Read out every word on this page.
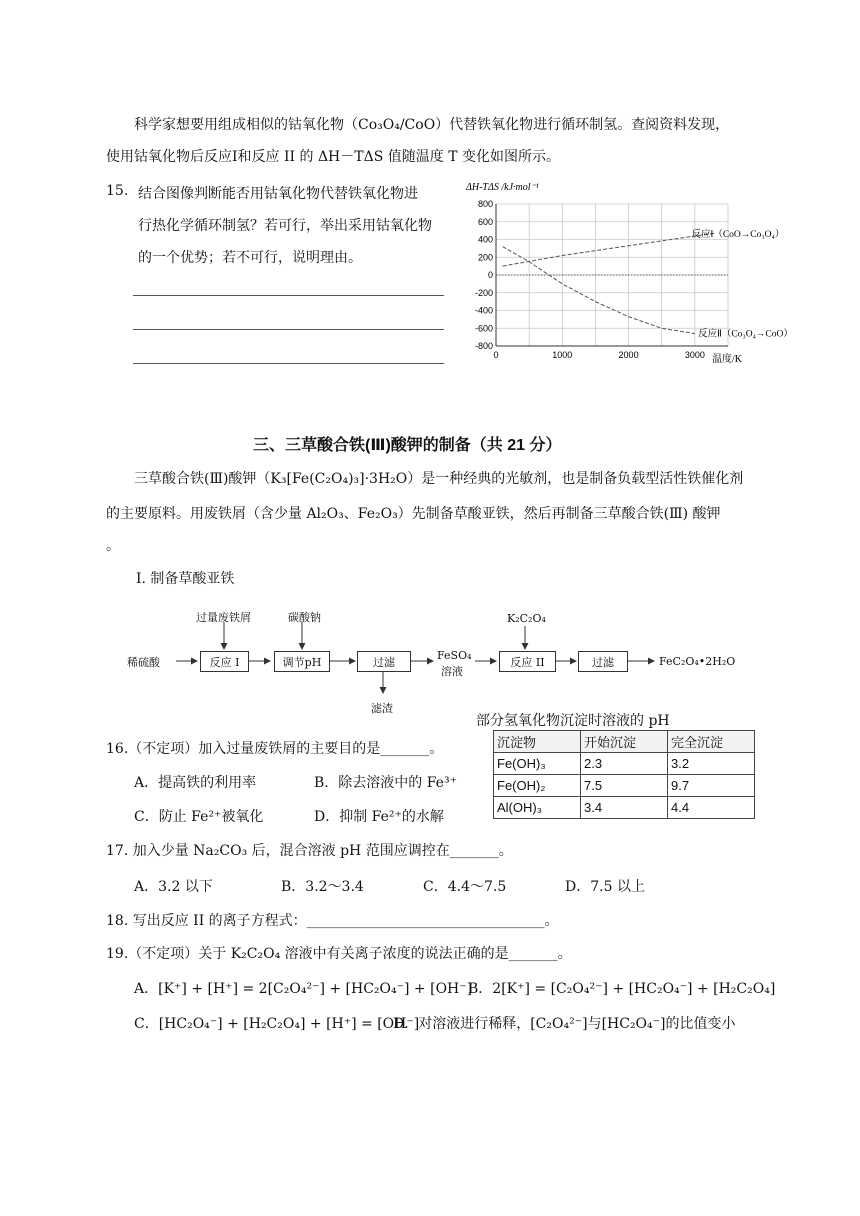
科学家想要用组成相似的钴氧化物（Co₃O₄/CoO）代替铁氧化物进行循环制氢。查阅资料发现，
使用钴氧化物后反应Ⅰ和反应 II 的 ΔH－TΔS 值随温度 T 变化如图所示。
15. 结合图像判断能否用钴氧化物代替铁氧化物进
行热化学循环制氢？若可行，举出采用钴氧化物
的一个优势；若不可行，说明理由。
800
600
400
200
0
-200
-400
-600
-800
0	1000	2000	3000
反应Ⅰ（CoO→Co₃O₄）
反应Ⅱ（Co₃O₄→CoO）
ΔH-TΔS /kJ·mol⁻¹
温度/K
三、三草酸合铁(Ⅲ)酸钾的制备（共 21 分）
三草酸合铁(Ⅲ)酸钾（K₃[Fe(C₂O₄)₃]·3H₂O）是一种经典的光敏剂，也是制备负载型活性铁催化剂
的主要原料。用废铁屑（含少量 Al₂O₃、Fe₂O₃）先制备草酸亚铁，然后再制备三草酸合铁(Ⅲ) 酸钾
。
Ⅰ. 制备草酸亚铁
稀硫酸
过量废铁屑	碳酸钠
反应 Ⅰ	调节pH	过滤	FeSO₄
溶液
K₂C₂O₄
反应 II	过滤	FeC₂O₄•2H₂O
滤渣
部分氢氧化物沉淀时溶液的 pH
沉淀物	开始沉淀	完全沉淀
Fe(OH)₃	2.3	3.2
Fe(OH)₂	7.5	9.7
Al(OH)₃	3.4	4.4
16.（不定项）加入过量废铁屑的主要目的是_______。
A．提高铁的利用率	B．除去溶液中的 Fe³⁺
C．防止 Fe²⁺被氧化	D．抑制 Fe²⁺的水解
17. 加入少量 Na₂CO₃ 后，混合溶液 pH 范围应调控在_______。
A．3.2 以下	B．3.2～3.4	C．4.4～7.5	D．7.5 以上
18. 写出反应 II 的离子方程式：__________________________________。
19.（不定项）关于 K₂C₂O₄ 溶液中有关离子浓度的说法正确的是_______。
A．[K⁺] + [H⁺] = 2[C₂O₄²⁻] + [HC₂O₄⁻] + [OH⁻]
B．2[K⁺] = [C₂O₄²⁻] + [HC₂O₄⁻] + [H₂C₂O₄]
C．[HC₂O₄⁻] + [H₂C₂O₄] + [H⁺] = [OH⁻]
D．对溶液进行稀释，[C₂O₄²⁻]与[HC₂O₄⁻]的比值变小
